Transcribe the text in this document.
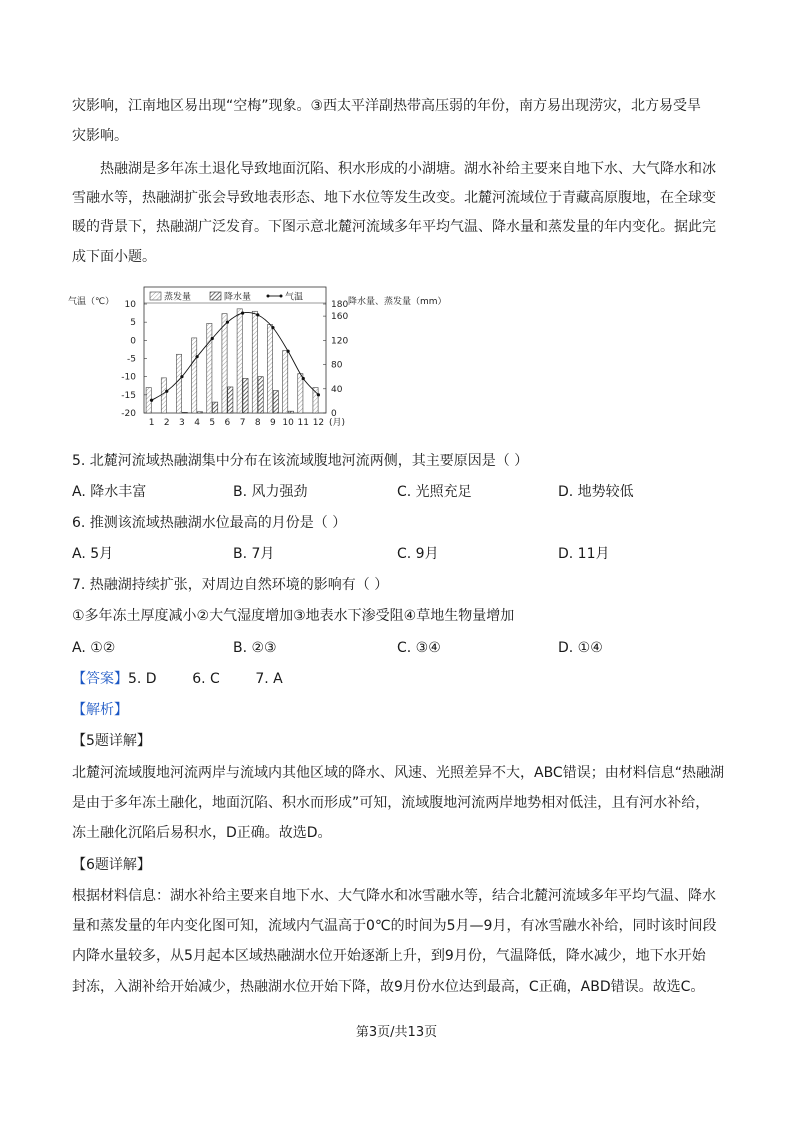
灾影响，江南地区易出现“空梅”现象。③西太平洋副热带高压弱的年份，南方易出现涝灾，北方易受旱
灾影响。
热融湖是多年冻土退化导致地面沉陷、积水形成的小湖塘。湖水补给主要来自地下水、大气降水和冰
雪融水等，热融湖扩张会导致地表形态、地下水位等发生改变。北麓河流域位于青藏高原腹地，在全球变
暖的背景下，热融湖广泛发育。下图示意北麓河流域多年平均气温、降水量和蒸发量的年内变化。据此完
成下面小题。
气温（℃） 10
5
0
-5
-10
-15
-20
180
160
120
80
40
0
降水量、蒸发量（mm）
1 2 3 4 5 6 7 8 9 10 11 12 (月)
蒸发量	降水量	气温
5. 北麓河流域热融湖集中分布在该流域腹地河流两侧，其主要原因是（ ）
A. 降水丰富	B. 风力强劲	C. 光照充足	D. 地势较低
6. 推测该流域热融湖水位最高的月份是（ ）
A. 5月	B. 7月	C. 9月	D. 11月
7. 热融湖持续扩张，对周边自然环境的影响有（ ）
①多年冻土厚度减小②大气湿度增加③地表水下渗受阻④草地生物量增加
A. ①②	B. ②③	C. ③④	D. ①④
【答案】5. D        6. C        7. A
【解析】
【5题详解】
北麓河流域腹地河流两岸与流域内其他区域的降水、风速、光照差异不大，ABC错误；由材料信息“热融湖
是由于多年冻土融化，地面沉陷、积水而形成”可知，流域腹地河流两岸地势相对低洼，且有河水补给，
冻土融化沉陷后易积水，D正确。故选D。
【6题详解】
根据材料信息：湖水补给主要来自地下水、大气降水和冰雪融水等，结合北麓河流域多年平均气温、降水
量和蒸发量的年内变化图可知，流域内气温高于0℃的时间为5月—9月，有冰雪融水补给，同时该时间段
内降水量较多，从5月起本区域热融湖水位开始逐渐上升，到9月份，气温降低，降水减少，地下水开始
封冻，入湖补给开始减少，热融湖水位开始下降，故9月份水位达到最高，C正确，ABD错误。故选C。
第3页/共13页
